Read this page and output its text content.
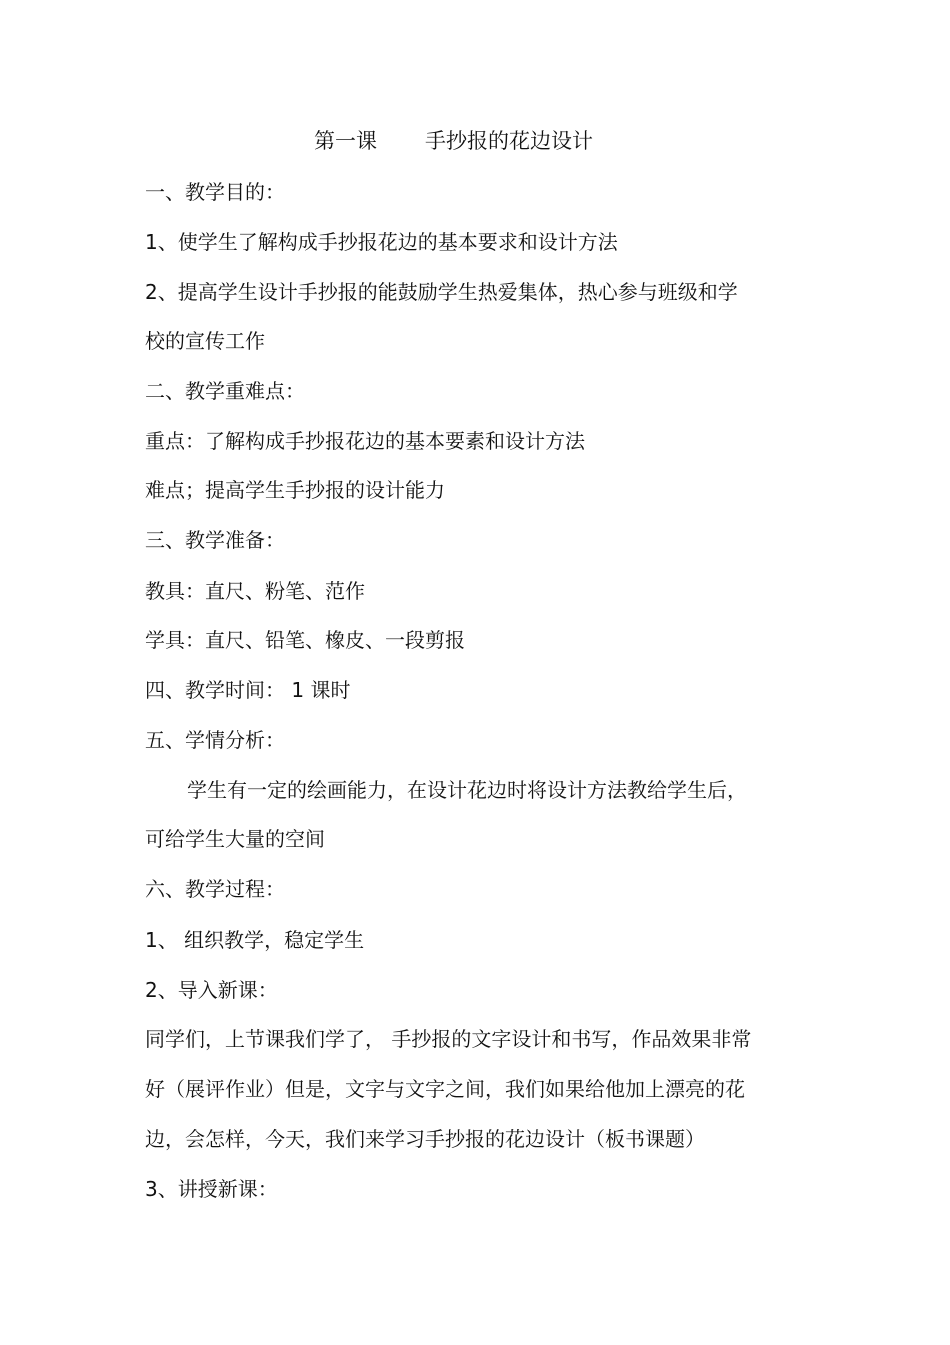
第一课 手抄报的花边设计

一、教学目的：

1、使学生了解构成手抄报花边的基本要求和设计方法

2、提高学生设计手抄报的能鼓励学生热爱集体，热心参与班级和学

校的宣传工作

二、教学重难点：

重点：了解构成手抄报花边的基本要素和设计方法

难点；提高学生手抄报的设计能力

三、教学准备：

教具：直尺、粉笔、范作

学具：直尺、铅笔、橡皮、一段剪报

四、教学时间： 1 课时

五、学情分析：

学生有一定的绘画能力，在设计花边时将设计方法教给学生后，

可给学生大量的空间

六、教学过程：

1、 组织教学，稳定学生

2、导入新课：

同学们，上节课我们学了， 手抄报的文字设计和书写，作品效果非常

好（展评作业）但是，文字与文字之间，我们如果给他加上漂亮的花

边，会怎样，今天，我们来学习手抄报的花边设计（板书课题）

3、讲授新课：
